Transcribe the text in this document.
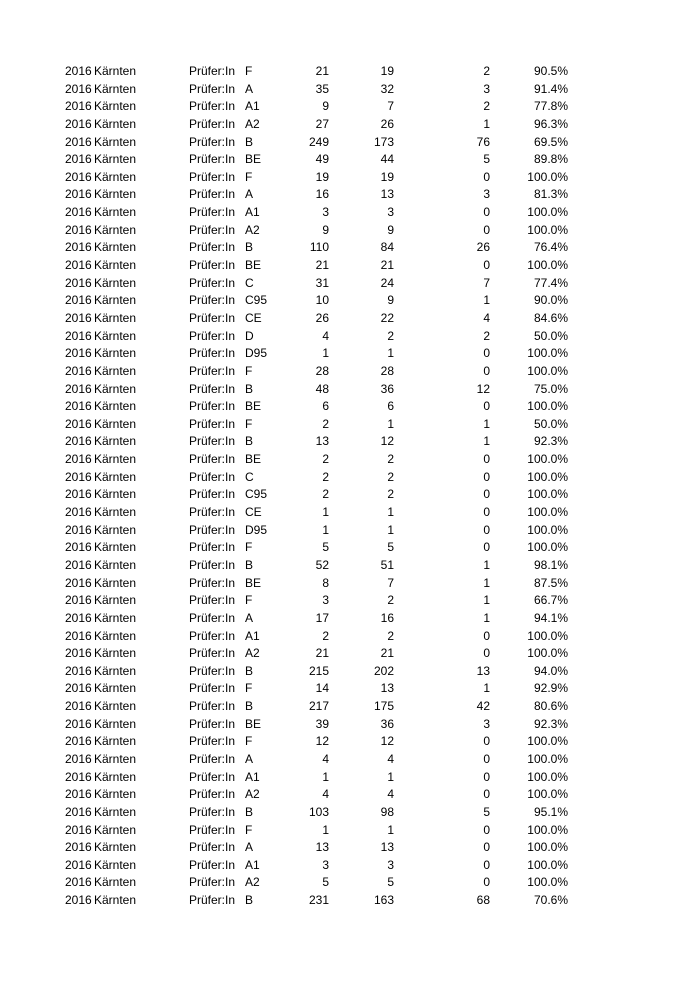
2016 Kärnten	Prüfer:In F	21	19	2	90.5%
2016 Kärnten	Prüfer:In A	35	32	3	91.4%
2016 Kärnten	Prüfer:In A1	9	7	2	77.8%
2016 Kärnten	Prüfer:In A2	27	26	1	96.3%
2016 Kärnten	Prüfer:In B	249	173	76	69.5%
2016 Kärnten	Prüfer:In BE	49	44	5	89.8%
2016 Kärnten	Prüfer:In F	19	19	0	100.0%
2016 Kärnten	Prüfer:In A	16	13	3	81.3%
2016 Kärnten	Prüfer:In A1	3	3	0	100.0%
2016 Kärnten	Prüfer:In A2	9	9	0	100.0%
2016 Kärnten	Prüfer:In B	110	84	26	76.4%
2016 Kärnten	Prüfer:In BE	21	21	0	100.0%
2016 Kärnten	Prüfer:In C	31	24	7	77.4%
2016 Kärnten	Prüfer:In C95	10	9	1	90.0%
2016 Kärnten	Prüfer:In CE	26	22	4	84.6%
2016 Kärnten	Prüfer:In D	4	2	2	50.0%
2016 Kärnten	Prüfer:In D95	1	1	0	100.0%
2016 Kärnten	Prüfer:In F	28	28	0	100.0%
2016 Kärnten	Prüfer:In B	48	36	12	75.0%
2016 Kärnten	Prüfer:In BE	6	6	0	100.0%
2016 Kärnten	Prüfer:In F	2	1	1	50.0%
2016 Kärnten	Prüfer:In B	13	12	1	92.3%
2016 Kärnten	Prüfer:In BE	2	2	0	100.0%
2016 Kärnten	Prüfer:In C	2	2	0	100.0%
2016 Kärnten	Prüfer:In C95	2	2	0	100.0%
2016 Kärnten	Prüfer:In CE	1	1	0	100.0%
2016 Kärnten	Prüfer:In D95	1	1	0	100.0%
2016 Kärnten	Prüfer:In F	5	5	0	100.0%
2016 Kärnten	Prüfer:In B	52	51	1	98.1%
2016 Kärnten	Prüfer:In BE	8	7	1	87.5%
2016 Kärnten	Prüfer:In F	3	2	1	66.7%
2016 Kärnten	Prüfer:In A	17	16	1	94.1%
2016 Kärnten	Prüfer:In A1	2	2	0	100.0%
2016 Kärnten	Prüfer:In A2	21	21	0	100.0%
2016 Kärnten	Prüfer:In B	215	202	13	94.0%
2016 Kärnten	Prüfer:In F	14	13	1	92.9%
2016 Kärnten	Prüfer:In B	217	175	42	80.6%
2016 Kärnten	Prüfer:In BE	39	36	3	92.3%
2016 Kärnten	Prüfer:In F	12	12	0	100.0%
2016 Kärnten	Prüfer:In A	4	4	0	100.0%
2016 Kärnten	Prüfer:In A1	1	1	0	100.0%
2016 Kärnten	Prüfer:In A2	4	4	0	100.0%
2016 Kärnten	Prüfer:In B	103	98	5	95.1%
2016 Kärnten	Prüfer:In F	1	1	0	100.0%
2016 Kärnten	Prüfer:In A	13	13	0	100.0%
2016 Kärnten	Prüfer:In A1	3	3	0	100.0%
2016 Kärnten	Prüfer:In A2	5	5	0	100.0%
2016 Kärnten	Prüfer:In B	231	163	68	70.6%
